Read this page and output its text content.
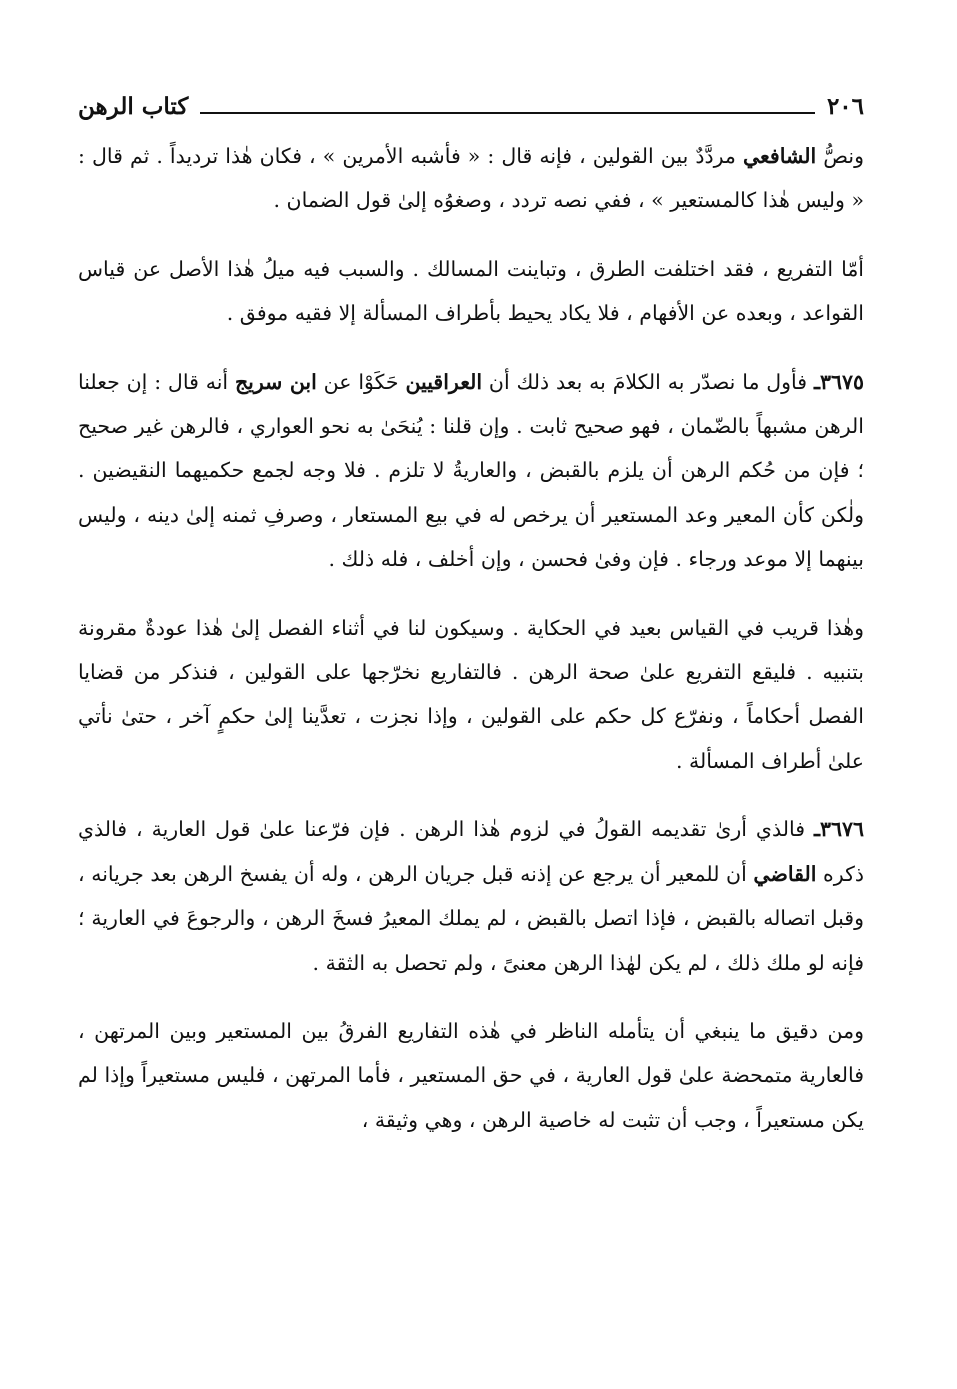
٢٠٦
كتاب الرهن

ونصُّ الشافعي مردَّدٌ بين القولين ، فإنه قال : « فأشبه الأمرين » ، فكان هٰذا ترديداً . ثم قال : « وليس هٰذا كالمستعير » ، ففي نصه تردد ، وصغوُه إلىٰ قول الضمان .

أمّا التفريع ، فقد اختلفت الطرق ، وتباينت المسالك . والسبب فيه ميلُ هٰذا الأصل عن قياس القواعد ، وبعده عن الأفهام ، فلا يكاد يحيط بأطراف المسألة إلا فقيه موفق .

٣٦٧٥ـ فأول ما نصدّر به الكلامَ به بعد ذلك أن العراقيين حَكَوْا عن ابن سريج أنه قال : إن جعلنا الرهن مشبهاً بالضّمان ، فهو صحيح ثابت . وإن قلنا : يُنحَىٰ به نحو العواري ، فالرهن غير صحيح ؛ فإن من حُكم الرهن أن يلزم بالقبض ، والعاريةُ لا تلزم . فلا وجه لجمع حكميهما النقيضين . ولٰكن كأن المعير وعد المستعير أن يرخص له في بيع المستعار ، وصرفِ ثمنه إلىٰ دينه ، وليس بينهما إلا موعد ورجاء . فإن وفىٰ فحسن ، وإن أخلف ، فله ذلك .

وهٰذا قريب في القياس بعيد في الحكاية . وسيكون لنا في أثناء الفصل إلىٰ هٰذا عودةٌ مقرونة بتنبيه . فليقع التفريع علىٰ صحة الرهن . فالتفاريع نخرّجها على القولين ، فنذكر من قضايا الفصل أحكاماً ، ونفرّع كل حكم على القولين ، وإذا نجزت ، تعدَّينا إلىٰ حكمٍ آخر ، حتىٰ نأتي علىٰ أطراف المسألة .

٣٦٧٦ـ فالذي أرىٰ تقديمه القولُ في لزوم هٰذا الرهن . فإن فرّعنا علىٰ قول العارية ، فالذي ذكره القاضي أن للمعير أن يرجع عن إذنه قبل جريان الرهن ، وله أن يفسخ الرهن بعد جريانه ، وقبل اتصاله بالقبض ، فإذا اتصل بالقبض ، لم يملك المعيرُ فسخَ الرهن ، والرجوعَ في العارية ؛ فإنه لو ملك ذلك ، لم يكن لهٰذا الرهن معنىً ، ولم تحصل به الثقة .

ومن دقيق ما ينبغي أن يتأمله الناظر في هٰذه التفاريع الفرقُ بين المستعير وبين المرتهن ، فالعارية متمحضة علىٰ قول العارية ، في حق المستعير ، فأما المرتهن ، فليس مستعيراً وإذا لم يكن مستعيراً ، وجب أن تثبت له خاصية الرهن ، وهي وثيقة ،
